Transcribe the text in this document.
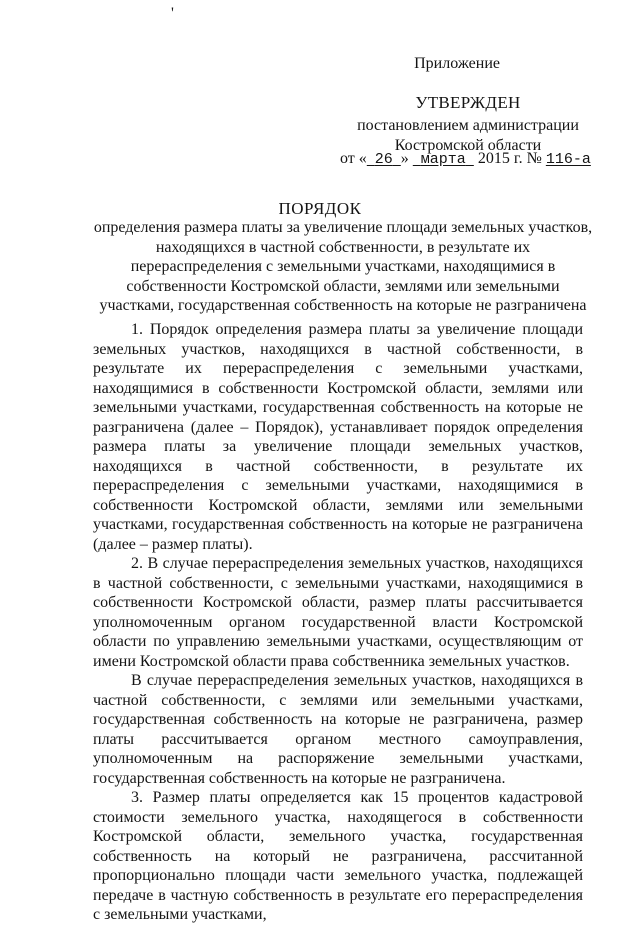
'
Приложение
УТВЕРЖДЕН
постановлением администрации
Костромской области
от « 26 » марта 2015 г. № 116-а
ПОРЯДОК
определения размера платы за увеличение площади земельных участков, находящихся в частной собственности, в результате их перераспределения с земельными участками, находящимися в собственности Костромской области, землями или земельными участками, государственная собственность на которые не разграничена

1. Порядок определения размера платы за увеличение площади земельных участков, находящихся в частной собственности, в результате их перераспределения с земельными участками, находящимися в собственности Костромской области, землями или земельными участками, государственная собственность на которые не разграничена (далее – Порядок), устанавливает порядок определения размера платы за увеличение площади земельных участков, находящихся в частной собственности, в результате их перераспределения с земельными участками, находящимися в собственности Костромской области, землями или земельными участками, государственная собственность на которые не разграничена (далее – размер платы).

2. В случае перераспределения земельных участков, находящихся в частной собственности, с земельными участками, находящимися в собственности Костромской области, размер платы рассчитывается уполномоченным органом государственной власти Костромской области по управлению земельными участками, осуществляющим от имени Костромской области права собственника земельных участков.

В случае перераспределения земельных участков, находящихся в частной собственности, с землями или земельными участками, государственная собственность на которые не разграничена, размер платы рассчитывается органом местного самоуправления, уполномоченным на распоряжение земельными участками, государственная собственность на которые не разграничена.

3. Размер платы определяется как 15 процентов кадастровой стоимости земельного участка, находящегося в собственности Костромской области, земельного участка, государственная собственность на который не разграничена, рассчитанной пропорционально площади части земельного участка, подлежащей передаче в частную собственность в результате его перераспределения с земельными участками,
